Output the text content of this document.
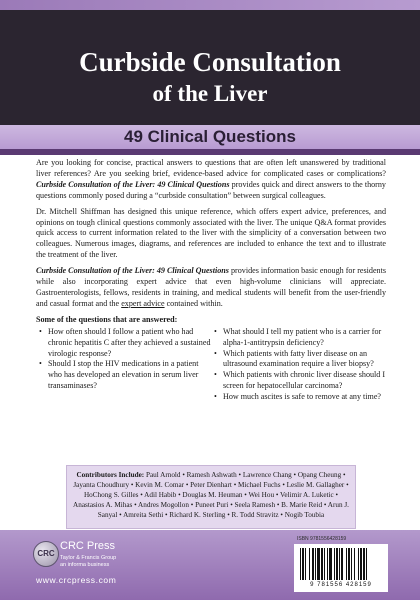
Curbside Consultation
of the Liver
49 Clinical Questions

Are you looking for concise, practical answers to questions that are often left unanswered by traditional liver references? Are you seeking brief, evidence-based advice for complicated cases or complications? Curbside Consultation of the Liver: 49 Clinical Questions provides quick and direct answers to the thorny questions commonly posed during a “curbside consultation” between surgical colleagues.

Dr. Mitchell Shiffman has designed this unique reference, which offers expert advice, preferences, and opinions on tough clinical questions commonly associated with the liver. The unique Q&A format provides quick access to current information related to the liver with the simplicity of a conversation between two colleagues. Numerous images, diagrams, and references are included to enhance the text and to illustrate the treatment of the liver.

Curbside Consultation of the Liver: 49 Clinical Questions provides information basic enough for residents while also incorporating expert advice that even high-volume clinicians will appreciate. Gastroenterologists, fellows, residents in training, and medical students will benefit from the user-friendly and casual format and the expert advice contained within.

Some of the questions that are answered:
• How often should I follow a patient who had chronic hepatitis C after they achieved a sustained virologic response?
• Should I stop the HIV medications in a patient who has developed an elevation in serum liver transaminases?
• What should I tell my patient who is a carrier for alpha-1-antitrypsin deficiency?
• Which patients with fatty liver disease on an ultrasound examination require a liver biopsy?
• Which patients with chronic liver disease should I screen for hepatocellular carcinoma?
• How much ascites is safe to remove at any time?
Contributors Include: Paul Arnold • Ramesh Ashwath • Lawrence Chang • Opang Cheung • Jayanta Choudhury • Kevin M. Comar • Peter Dienhart • Michael Fuchs • Leslie M. Gallagher • HoChong S. Gilles • Adil Habib • Douglas M. Heuman • Wei Hou • Velimir A. Luketic • Anastasios A. Mihas • Andres Mogollon • Puneet Puri • Seela Ramesh • B. Marie Reid • Arun J. Sanyal • Amreita Sethi • Richard K. Sterling • R. Todd Stravitz • Nogib Toubia
CRC
CRC Press
Taylor & Francis Group
an informa business
www.crcpress.com
ISBN 9781556428159
9 781556 428159
